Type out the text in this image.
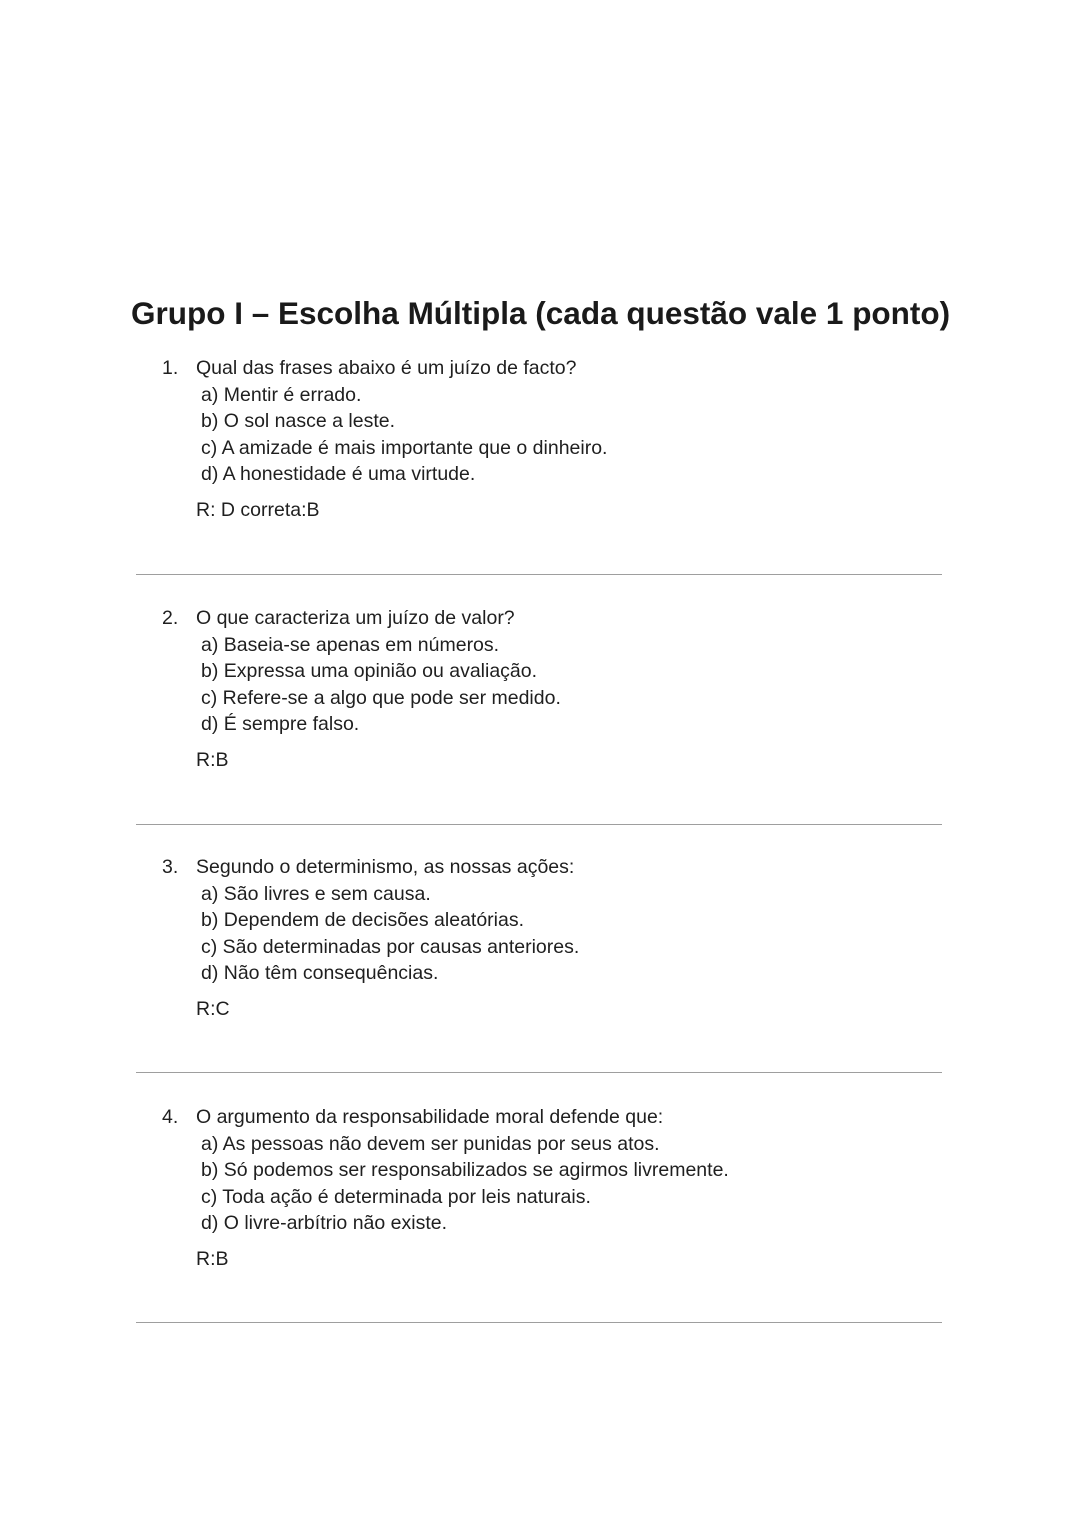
Grupo I – Escolha Múltipla (cada questão vale 1 ponto)
1. Qual das frases abaixo é um juízo de facto?
a) Mentir é errado.
b) O sol nasce a leste.
c) A amizade é mais importante que o dinheiro.
d) A honestidade é uma virtude.
R: D correta:B
2. O que caracteriza um juízo de valor?
a) Baseia-se apenas em números.
b) Expressa uma opinião ou avaliação.
c) Refere-se a algo que pode ser medido.
d) É sempre falso.
R:B
3. Segundo o determinismo, as nossas ações:
a) São livres e sem causa.
b) Dependem de decisões aleatórias.
c) São determinadas por causas anteriores.
d) Não têm consequências.
R:C
4. O argumento da responsabilidade moral defende que:
a) As pessoas não devem ser punidas por seus atos.
b) Só podemos ser responsabilizados se agirmos livremente.
c) Toda ação é determinada por leis naturais.
d) O livre-arbítrio não existe.
R:B
